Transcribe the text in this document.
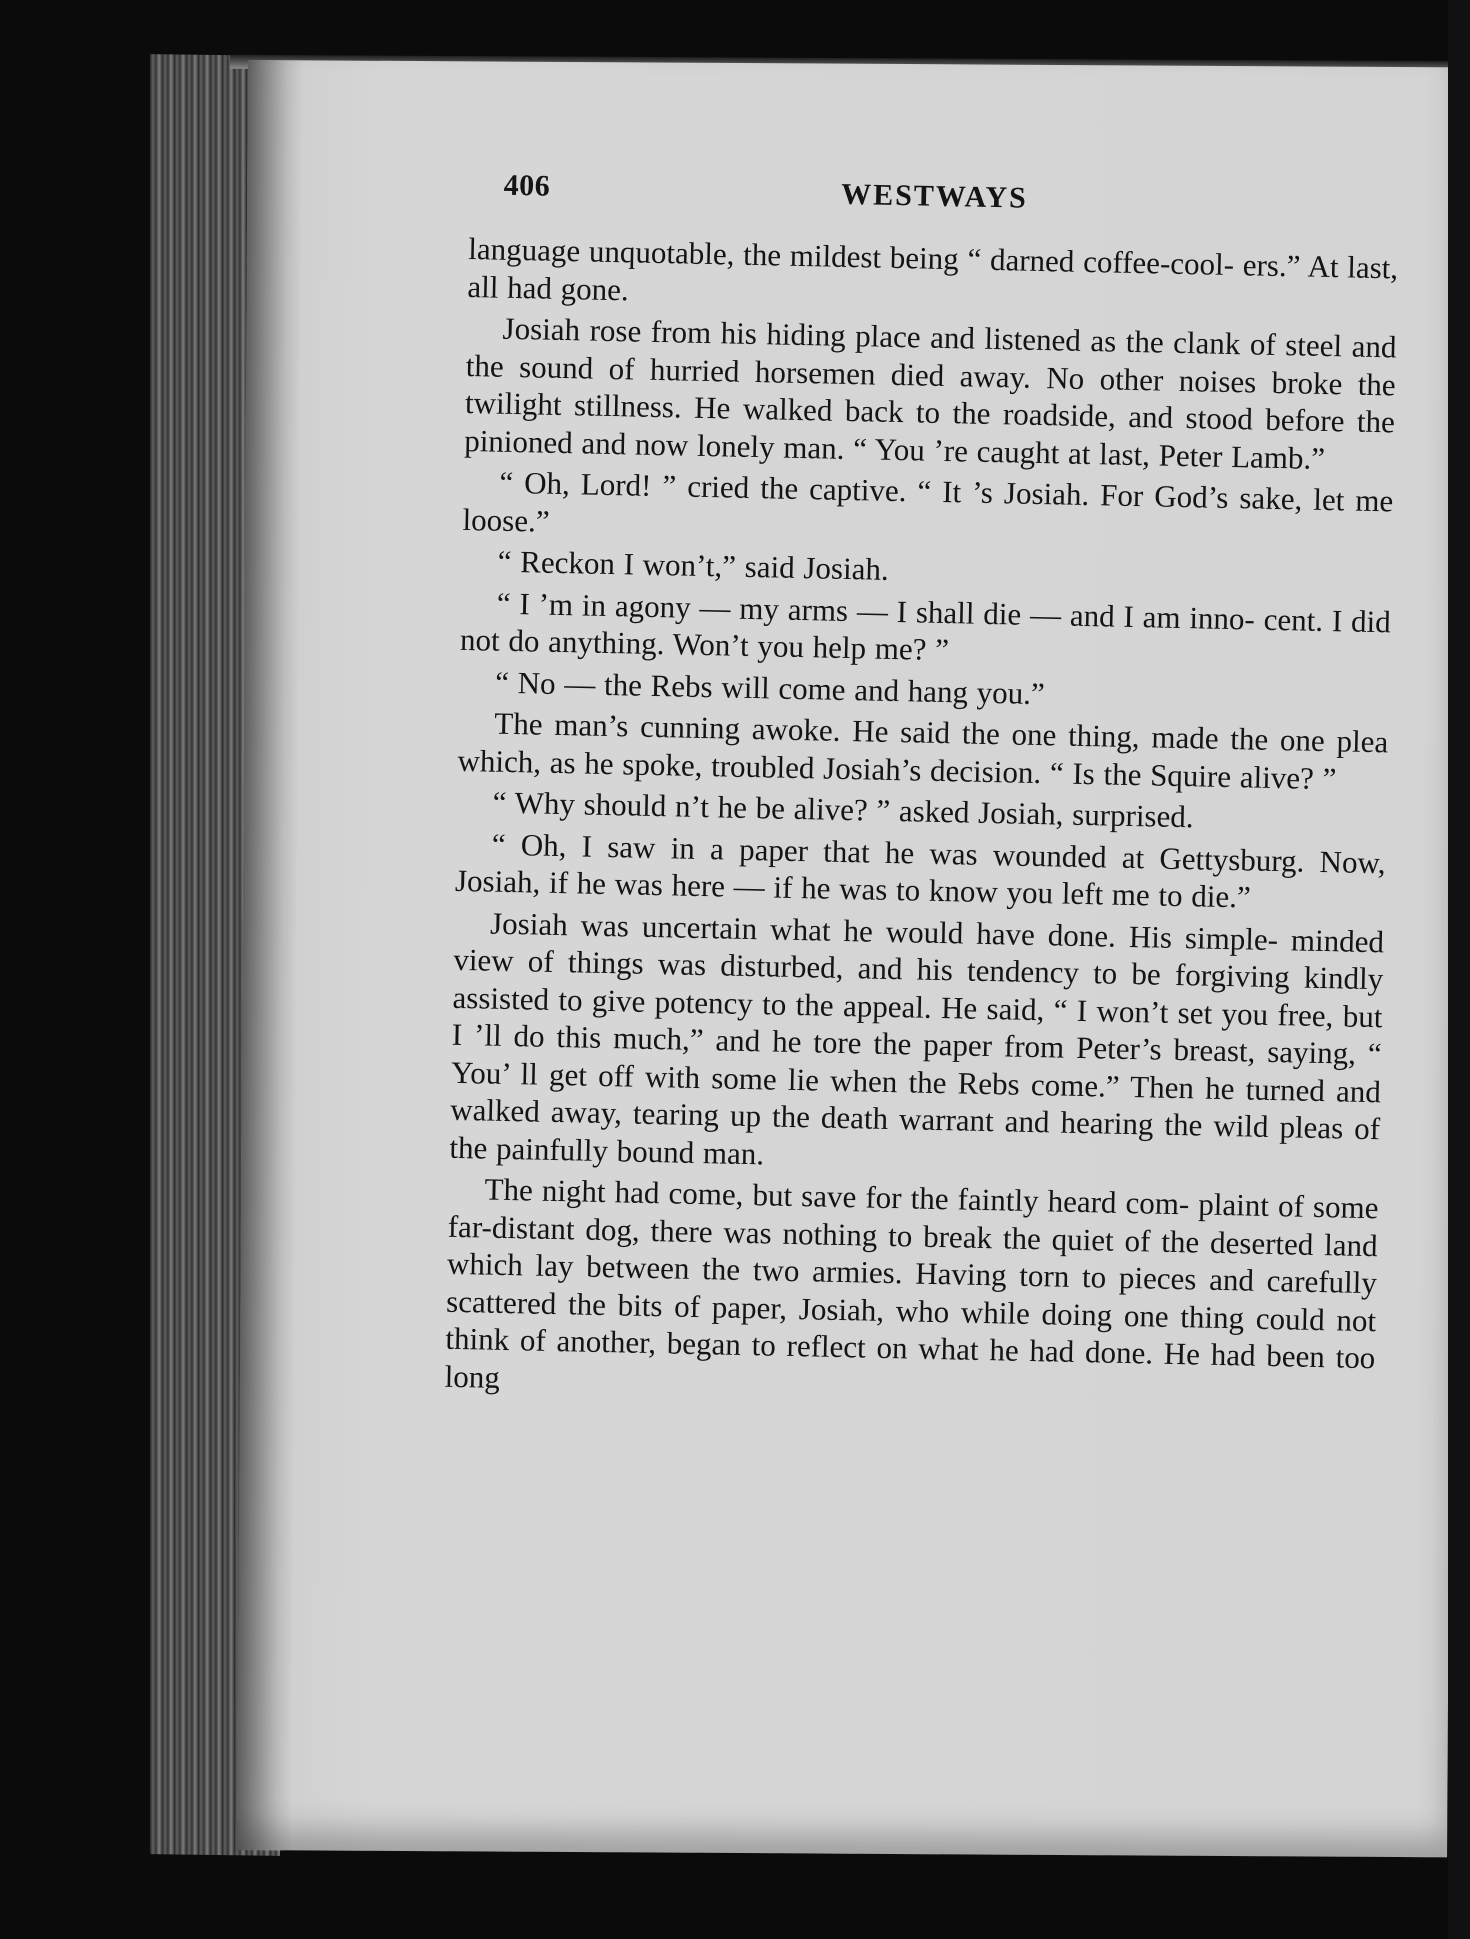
406	WESTWAYS

language unquotable, the mildest being “ darned coffee-cool- ers.” At last, all had gone.

Josiah rose from his hiding place and listened as the clank of steel and the sound of hurried horsemen died away. No other noises broke the twilight stillness. He walked back to the roadside, and stood before the pinioned and now lonely man. “ You ’re caught at last, Peter Lamb.”

“ Oh, Lord! ” cried the captive. “ It ’s Josiah. For God’s sake, let me loose.”

“ Reckon I won’t,” said Josiah.

“ I ’m in agony — my arms — I shall die — and I am inno- cent. I did not do anything. Won’t you help me? ”

“ No — the Rebs will come and hang you.”

The man’s cunning awoke. He said the one thing, made the one plea which, as he spoke, troubled Josiah’s decision. “ Is the Squire alive? ”

“ Why should n’t he be alive? ” asked Josiah, surprised.

“ Oh, I saw in a paper that he was wounded at Gettysburg. Now, Josiah, if he was here — if he was to know you left me to die.”

Josiah was uncertain what he would have done. His simple- minded view of things was disturbed, and his tendency to be forgiving kindly assisted to give potency to the appeal. He said, “ I won’t set you free, but I ’ll do this much,” and he tore the paper from Peter’s breast, saying, “ You’ ll get off with some lie when the Rebs come.” Then he turned and walked away, tearing up the death warrant and hearing the wild pleas of the painfully bound man.

The night had come, but save for the faintly heard com- plaint of some far-distant dog, there was nothing to break the quiet of the deserted land which lay between the two armies. Having torn to pieces and carefully scattered the bits of paper, Josiah, who while doing one thing could not think of another, began to reflect on what he had done. He had been too long
